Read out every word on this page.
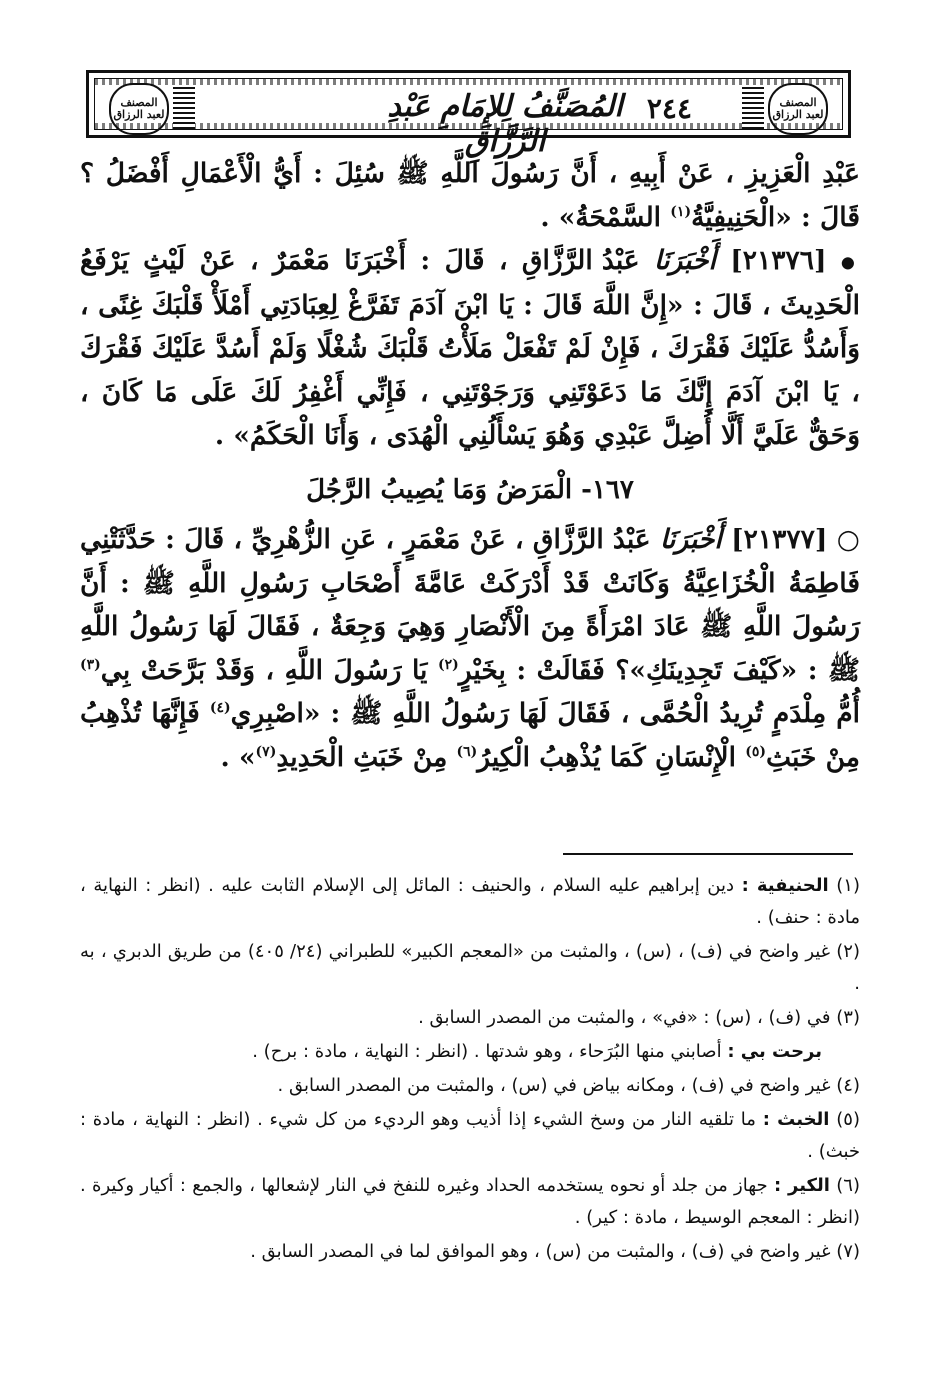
المصنف لعبد الرزاق
٢٤٤
المُصَنَّفُ لِلإِمَامِ عَبْدِ الرَّزَّاقِ
المصنف لعبد الرزاق

عَبْدِ الْعَزِيزِ ، عَنْ أَبِيهِ ، أَنَّ رَسُولَ اللَّهِ ﷺ سُئِلَ : أَيُّ الْأَعْمَالِ أَفْضَلُ ؟ قَالَ : «الْحَنِيفِيَّةُ$^{(١)}$ السَّمْحَةُ» .

● [٢١٣٧٦] أَخْبَرَنَا عَبْدُ الرَّزَّاقِ ، قَالَ : أَخْبَرَنَا مَعْمَرٌ ، عَنْ لَيْثٍ يَرْفَعُ الْحَدِيثَ ، قَالَ : «إِنَّ اللَّهَ قَالَ : يَا ابْنَ آدَمَ تَفَرَّغْ لِعِبَادَتِي أَمْلَأْ قَلْبَكَ غِنًى ، وَأَسُدُّ عَلَيْكَ فَقْرَكَ ، فَإِنْ لَمْ تَفْعَلْ مَلَأْتُ قَلْبَكَ شُغْلًا وَلَمْ أَسُدَّ عَلَيْكَ فَقْرَكَ ، يَا ابْنَ آدَمَ إِنَّكَ مَا دَعَوْتَنِي وَرَجَوْتَنِي ، فَإِنِّي أَغْفِرُ لَكَ عَلَى مَا كَانَ ، وَحَقٌّ عَلَيَّ أَلَّا أُضِلَّ عَبْدِي وَهُوَ يَسْأَلُنِي الْهُدَى ، وَأَنَا الْحَكَمُ» .

١٦٧- الْمَرَضُ وَمَا يُصِيبُ الرَّجُلَ

○ [٢١٣٧٧] أَخْبَرَنَا عَبْدُ الرَّزَّاقِ ، عَنْ مَعْمَرٍ ، عَنِ الزُّهْرِيِّ ، قَالَ : حَدَّثَتْنِي فَاطِمَةُ الْخُزَاعِيَّةُ وَكَانَتْ قَدْ أَدْرَكَتْ عَامَّةَ أَصْحَابِ رَسُولِ اللَّهِ ﷺ : أَنَّ رَسُولَ اللَّهِ ﷺ عَادَ امْرَأَةً مِنَ الْأَنْصَارِ وَهِيَ وَجِعَةٌ ، فَقَالَ لَهَا رَسُولُ اللَّهِ ﷺ : «كَيْفَ تَجِدِينَكِ»؟ فَقَالَتْ : بِخَيْرٍ$^{(٢)}$ يَا رَسُولَ اللَّهِ ، وَقَدْ بَرَّحَتْ بِي$^{(٣)}$ أُمُّ مِلْدَمٍ تُرِيدُ الْحُمَّى ، فَقَالَ لَهَا رَسُولُ اللَّهِ ﷺ : «اصْبِرِي$^{(٤)}$ فَإِنَّهَا تُذْهِبُ مِنْ خَبَثِ$^{(٥)}$ الْإِنْسَانِ كَمَا يُذْهِبُ الْكِيرُ$^{(٦)}$ مِنْ خَبَثِ الْحَدِيدِ$^{(٧)}$» .

(١) الحنيفية : دين إبراهيم عليه السلام ، والحنيف : المائل إلى الإسلام الثابت عليه . (انظر : النهاية ، مادة : حنف) .

(٢) غير واضح في (ف) ، (س) ، والمثبت من «المعجم الكبير» للطبراني (٢٤/ ٤٠٥) من طريق الدبري ، به .

(٣) في (ف) ، (س) : «في» ، والمثبت من المصدر السابق .

برحت بي : أصابني منها البُرَحاء ، وهو شدتها . (انظر : النهاية ، مادة : برح) .

(٤) غير واضح في (ف) ، ومكانه بياض في (س) ، والمثبت من المصدر السابق .

(٥) الخبث : ما تلقيه النار من وسخ الشيء إذا أذيب وهو الرديء من كل شيء . (انظر : النهاية ، مادة : خبث) .

(٦) الكير : جهاز من جلد أو نحوه يستخدمه الحداد وغيره للنفخ في النار لإشعالها ، والجمع : أكيار وكيرة . (انظر : المعجم الوسيط ، مادة : كير) .

(٧) غير واضح في (ف) ، والمثبت من (س) ، وهو الموافق لما في المصدر السابق .
